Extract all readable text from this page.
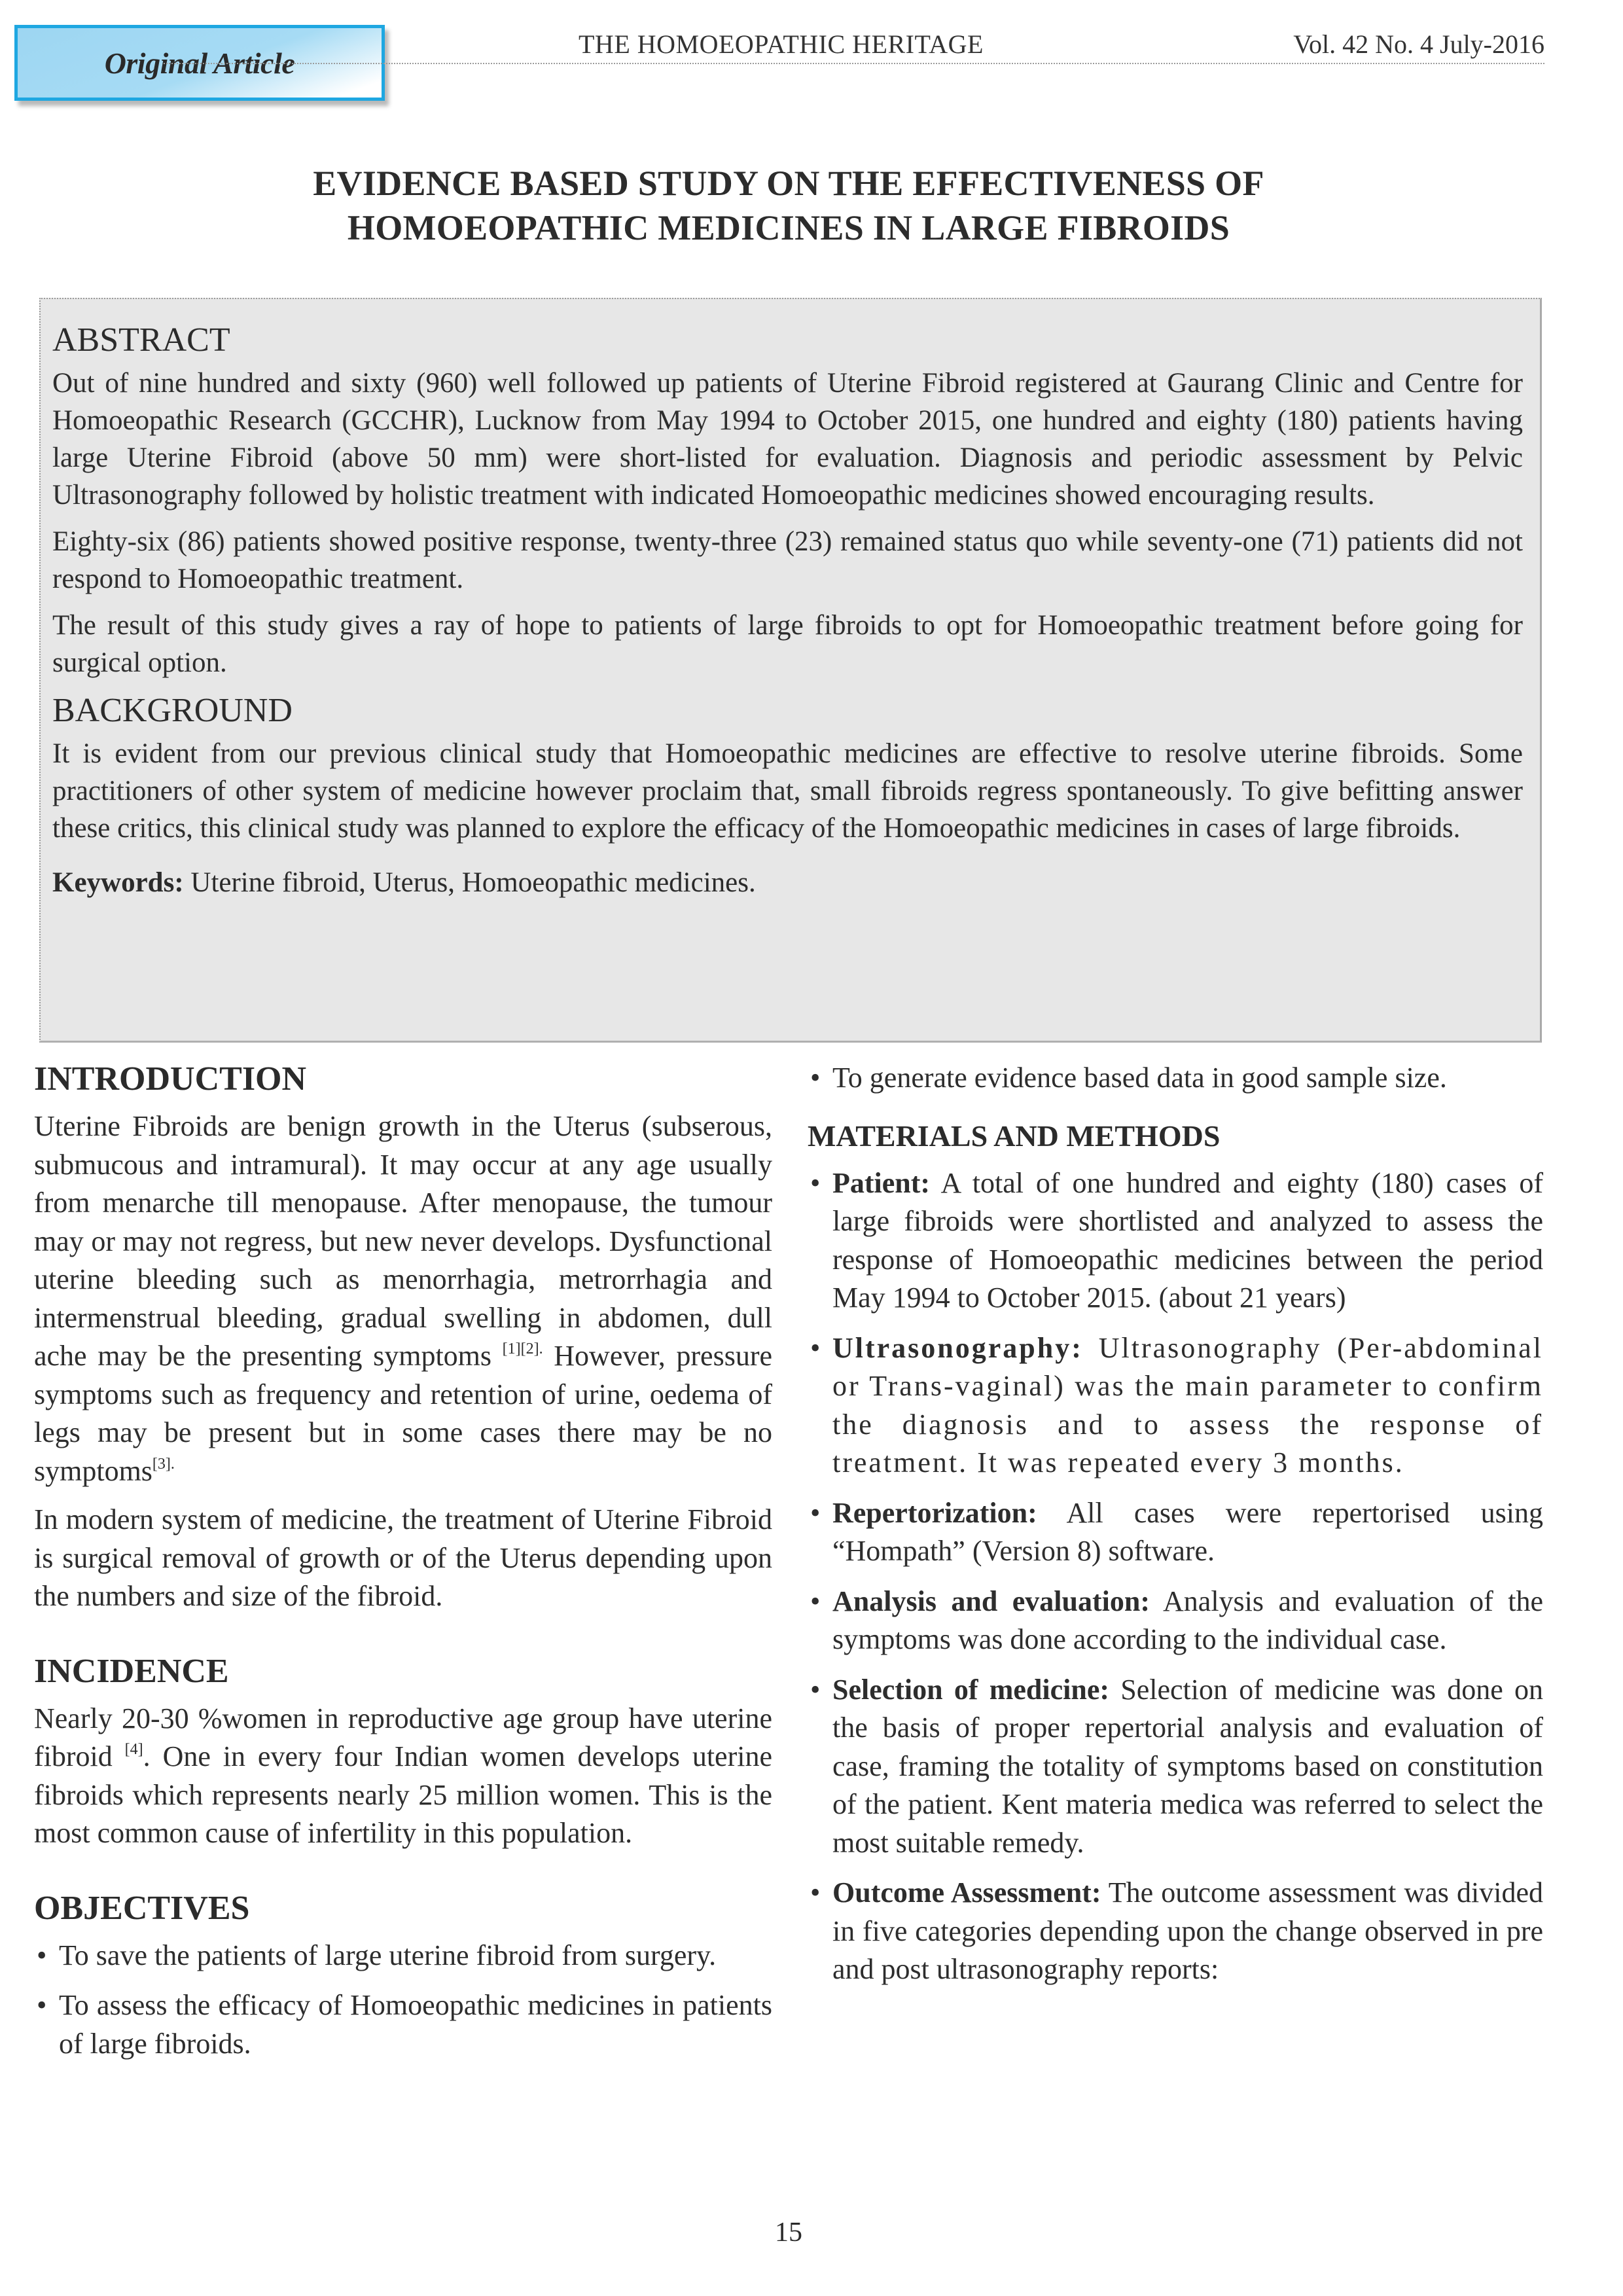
Original Article
THE HOMOEOPATHIC HERITAGE	Vol. 42 No. 4 July-2016
EVIDENCE BASED STUDY ON THE EFFECTIVENESS OF
HOMOEOPATHIC MEDICINES IN LARGE FIBROIDS
ABSTRACT

Out of nine hundred and sixty (960) well followed up patients of Uterine Fibroid registered at Gaurang Clinic and Centre for Homoeopathic Research (GCCHR), Lucknow from May 1994 to October 2015, one hundred and eighty (180) patients having large Uterine Fibroid (above 50 mm) were short-listed for evaluation. Diagnosis and periodic assessment by Pelvic Ultrasonography followed by holistic treatment with indicated Homoeopathic medicines showed encouraging results.

Eighty-six (86) patients showed positive response, twenty-three (23) remained status quo while seventy-one (71) patients did not respond to Homoeopathic treatment.

The result of this study gives a ray of hope to patients of large fibroids to opt for Homoeopathic treatment before going for surgical option.

BACKGROUND

It is evident from our previous clinical study that Homoeopathic medicines are effective to resolve uterine fibroids. Some practitioners of other system of medicine however proclaim that, small fibroids regress spontaneously. To give befitting answer these critics, this clinical study was planned to explore the efficacy of the Homoeopathic medicines in cases of large fibroids.

Keywords: Uterine fibroid, Uterus, Homoeopathic medicines.

INTRODUCTION

Uterine Fibroids are benign growth in the Uterus (subserous, submucous and intramural). It may occur at any age usually from menarche till menopause. After menopause, the tumour may or may not regress, but new never develops. Dysfunctional uterine bleeding such as menorrhagia, metrorrhagia and intermenstrual bleeding, gradual swelling in abdomen, dull ache may be the presenting symptoms $^{[1][2].}$ However, pressure symptoms such as frequency and retention of urine, oedema of legs may be present but in some cases there may be no symptoms$^{[3].}$

In modern system of medicine, the treatment of Uterine Fibroid is surgical removal of growth or of the Uterus depending upon the numbers and size of the fibroid.

INCIDENCE

Nearly 20-30 %women in reproductive age group have uterine fibroid [4]. One in every four Indian women develops uterine fibroids which represents nearly 25 million women. This is the most common cause of infertility in this population.

OBJECTIVES
• To save the patients of large uterine fibroid from surgery.
• To assess the efficacy of Homoeopathic medicines in patients of large fibroids.
• To generate evidence based data in good sample size.
MATERIALS AND METHODS
• Patient: A total of one hundred and eighty (180) cases of large fibroids were shortlisted and analyzed to assess the response of Homoeopathic medicines between the period May 1994 to October 2015. (about 21 years)
• Ultrasonography: Ultrasonography (Per-abdominal or Trans-vaginal) was the main parameter to confirm the diagnosis and to assess the response of treatment. It was repeated every 3 months.
• Repertorization: All cases were repertorised using “Hompath” (Version 8) software.
• Analysis and evaluation: Analysis and evaluation of the symptoms was done according to the individual case.
• Selection of medicine: Selection of medicine was done on the basis of proper repertorial analysis and evaluation of case, framing the totality of symptoms based on constitution of the patient. Kent materia medica was referred to select the most suitable remedy.
• Outcome Assessment: The outcome assessment was divided in five categories depending upon the change observed in pre and post ultrasonography reports:
15
